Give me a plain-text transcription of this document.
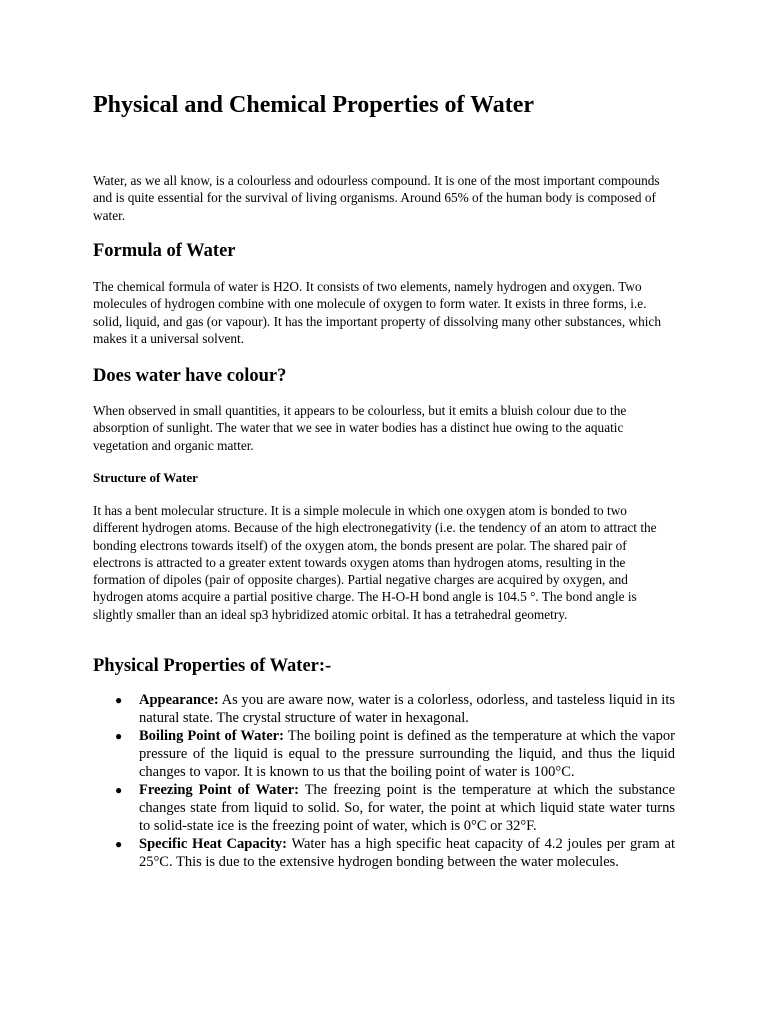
Physical and Chemical Properties of Water

Water, as we all know, is a colourless and odourless compound. It is one of the most important compounds and is quite essential for the survival of living organisms. Around 65% of the human body is composed of water.

Formula of Water

The chemical formula of water is H2O. It consists of two elements, namely hydrogen and oxygen. Two molecules of hydrogen combine with one molecule of oxygen to form water. It exists in three forms, i.e. solid, liquid, and gas (or vapour). It has the important property of dissolving many other substances, which makes it a universal solvent.

Does water have colour?

When observed in small quantities, it appears to be colourless, but it emits a bluish colour due to the absorption of sunlight. The water that we see in water bodies has a distinct hue owing to the aquatic vegetation and organic matter.

Structure of Water

It has a bent molecular structure. It is a simple molecule in which one oxygen atom is bonded to two different hydrogen atoms. Because of the high electronegativity (i.e. the tendency of an atom to attract the bonding electrons towards itself) of the oxygen atom, the bonds present are polar. The shared pair of electrons is attracted to a greater extent towards oxygen atoms than hydrogen atoms, resulting in the formation of dipoles (pair of opposite charges). Partial negative charges are acquired by oxygen, and hydrogen atoms acquire a partial positive charge. The H-O-H bond angle is 104.5 °. The bond angle is slightly smaller than an ideal sp3 hybridized atomic orbital. It has a tetrahedral geometry.

Physical Properties of Water:-
● Appearance: As you are aware now, water is a colorless, odorless, and tasteless liquid in its natural state. The crystal structure of water in hexagonal.
● Boiling Point of Water: The boiling point is defined as the temperature at which the vapor pressure of the liquid is equal to the pressure surrounding the liquid, and thus the liquid changes to vapor. It is known to us that the boiling point of water is 100°C.
● Freezing Point of Water: The freezing point is the temperature at which the substance changes state from liquid to solid. So, for water, the point at which liquid state water turns to solid-state ice is the freezing point of water, which is 0°C or 32°F.
● Specific Heat Capacity: Water has a high specific heat capacity of 4.2 joules per gram at 25°C. This is due to the extensive hydrogen bonding between the water molecules.
